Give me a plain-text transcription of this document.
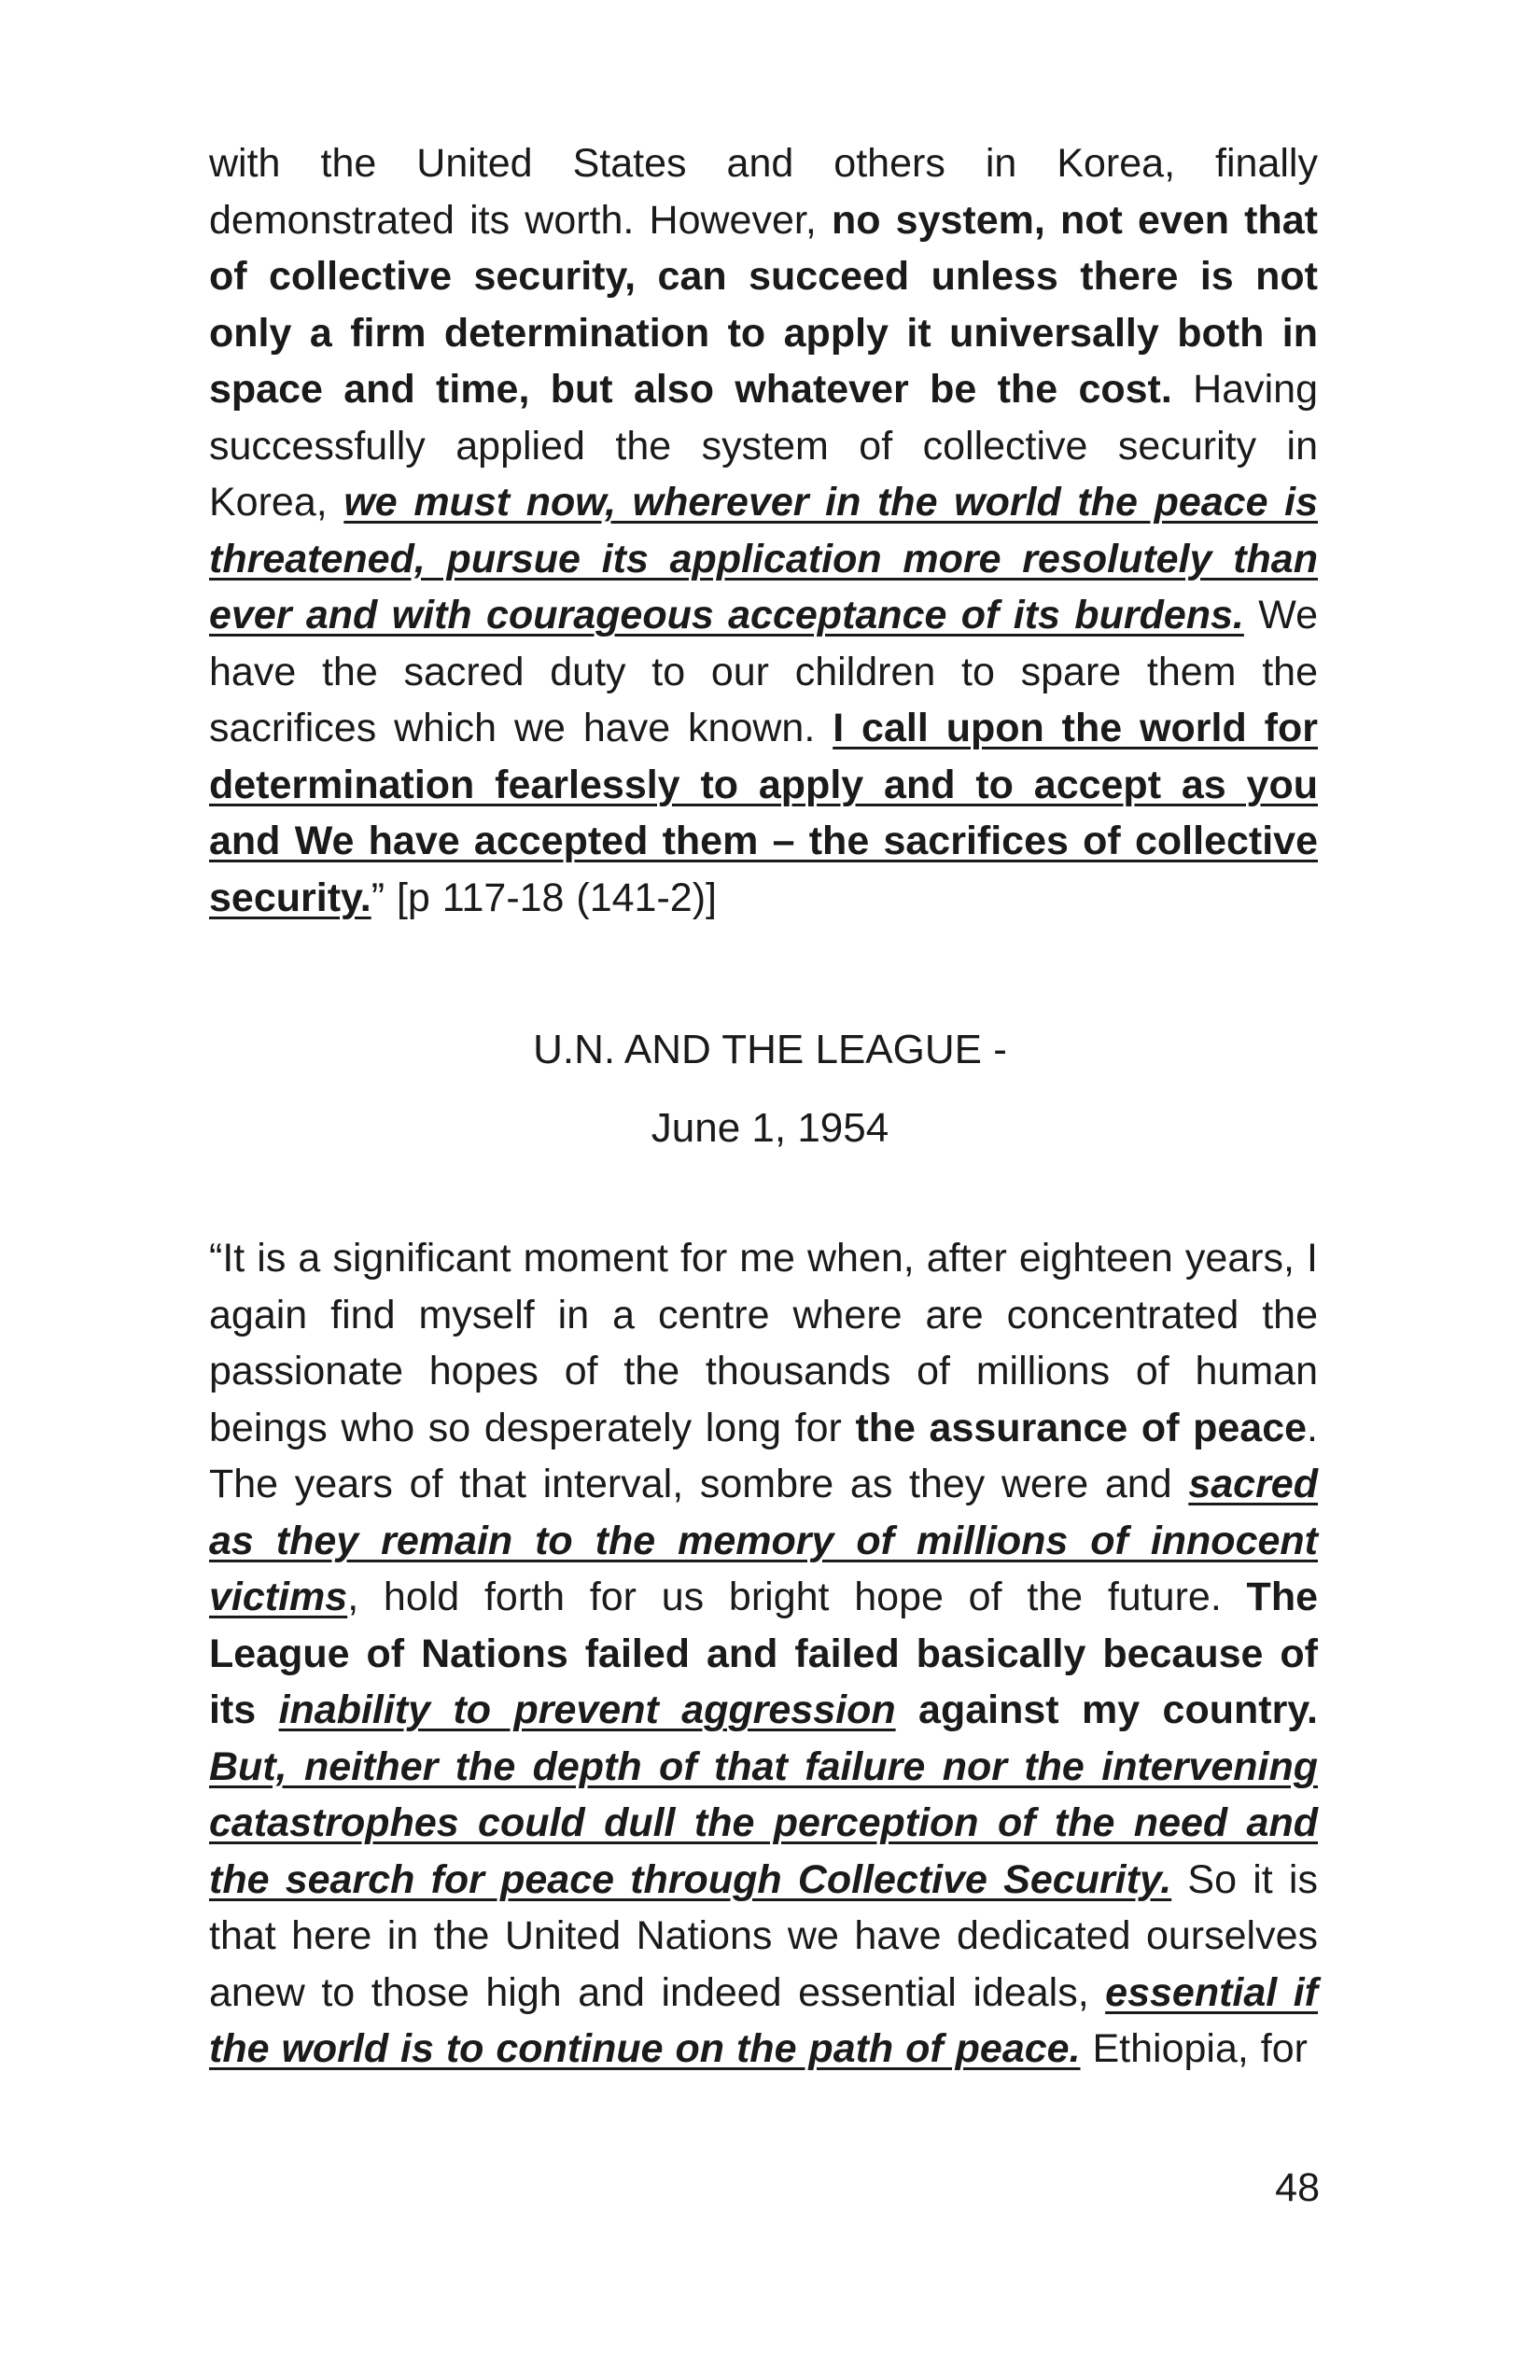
with the United States and others in Korea, finally demonstrated its worth. However, no system, not even that of collective security, can succeed unless there is not only a firm determination to apply it universally both in space and time, but also whatever be the cost. Having successfully applied the system of collective security in Korea, we must now, wherever in the world the peace is threatened, pursue its application more resolutely than ever and with courageous acceptance of its burdens. We have the sacred duty to our children to spare them the sacrifices which we have known. I call upon the world for determination fearlessly to apply and to accept as you and We have accepted them – the sacrifices of collective security.” [p 117-18 (141-2)]

U.N. AND THE LEAGUE -
June 1, 1954

“It is a significant moment for me when, after eighteen years, I again find myself in a centre where are concentrated the passionate hopes of the thousands of millions of human beings who so desperately long for the assurance of peace. The years of that interval, sombre as they were and sacred as they remain to the memory of millions of innocent victims, hold forth for us bright hope of the future. The League of Nations failed and failed basically because of its inability to prevent aggression against my country. But, neither the depth of that failure nor the intervening catastrophes could dull the perception of the need and the search for peace through Collective Security. So it is that here in the United Nations we have dedicated ourselves anew to those high and indeed essential ideals, essential if the world is to continue on the path of peace. Ethiopia, for

48
